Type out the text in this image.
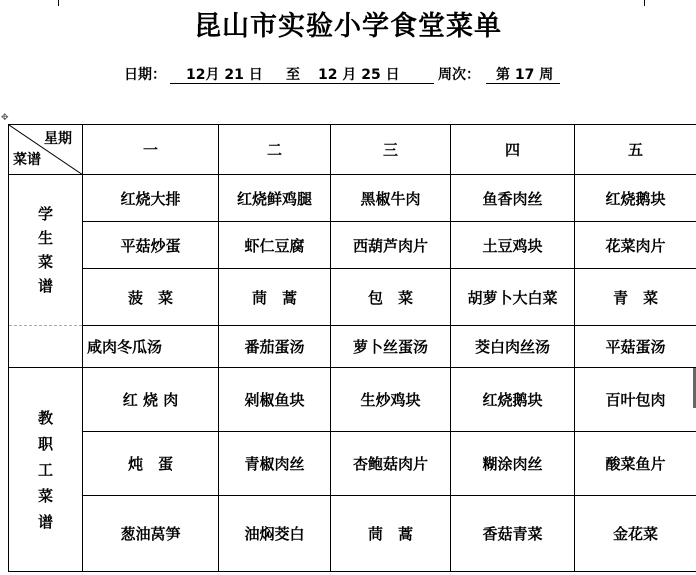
昆山市实验小学食堂菜单
日期： 12月 21 日 至 12 月 25 日	周次： 第 17 周
✥
星期
菜谱	一	二	三	四	五

学
生
菜
谱	红烧大排	红烧鲜鸡腿	黑椒牛肉	鱼香肉丝	红烧鹅块
	平菇炒蛋	虾仁豆腐	西葫芦肉片	土豆鸡块	花菜肉片
	菠　菜	茼　蒿	包　菜	胡萝卜大白菜	青　菜
	咸肉冬瓜汤	番茄蛋汤	萝卜丝蛋汤	茭白肉丝汤	平菇蛋汤

教
职
工
菜
谱	红 烧 肉	剁椒鱼块	生炒鸡块	红烧鹅块	百叶包肉
	炖　蛋	青椒肉丝	杏鲍菇肉片	糊涂肉丝	酸菜鱼片
	葱油莴笋	油焖茭白	茼　蒿	香菇青菜	金花菜
